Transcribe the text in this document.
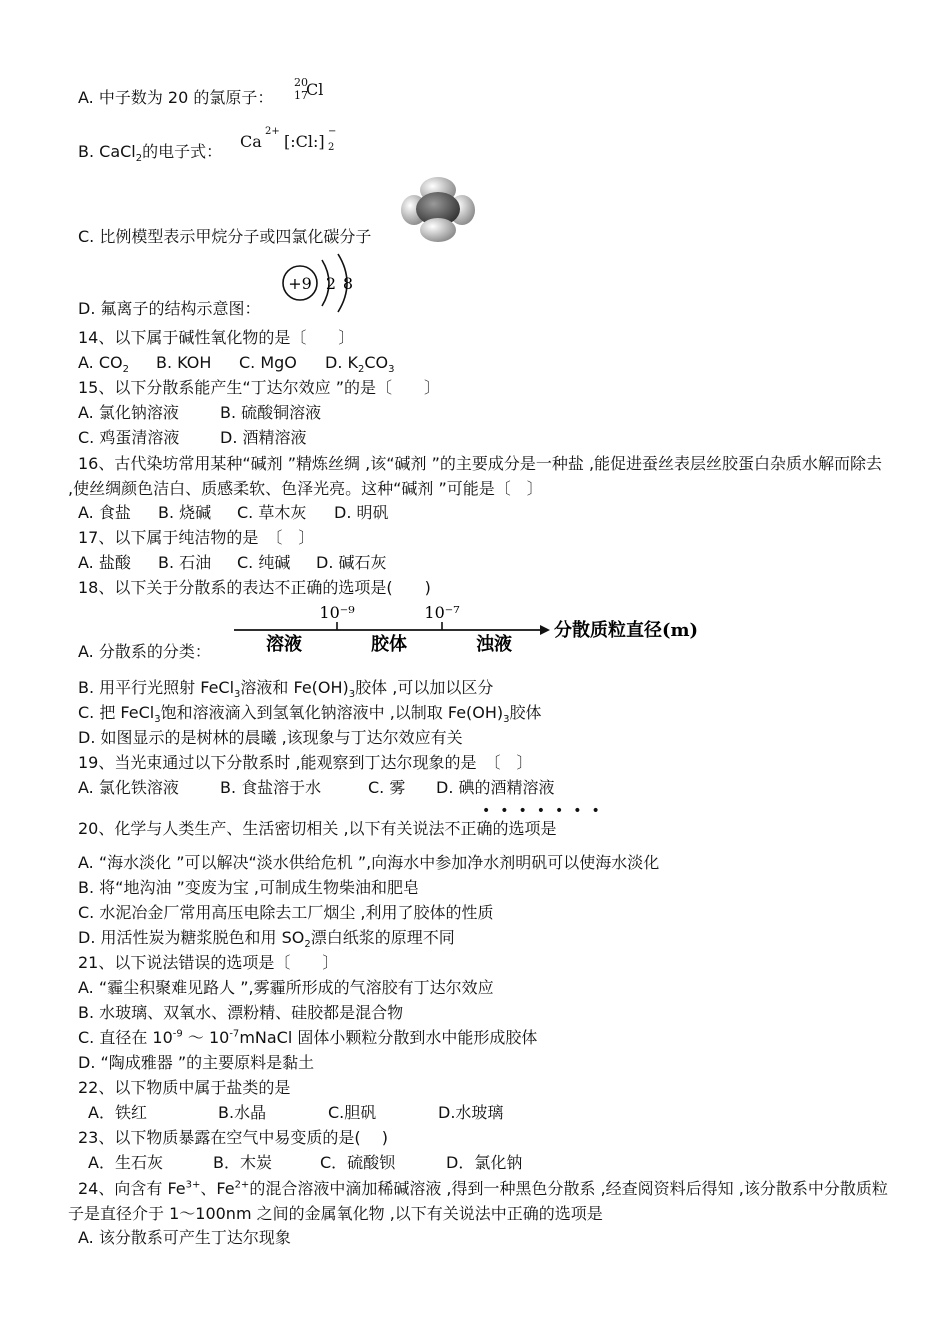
A. 中子数为 20 的氯原子：
20
17
Cl
B. CaCl$_2$的电子式：
Ca
2+
[:Cl:]
−
2
C. 比例模型表示甲烷分子或四氯化碳分子
D. 氟离子的结构示意图：
+9 2 8
14、以下属于碱性氧化物的是〔　　〕
A. $CO_2$ B. KOH C. MgO D. $K_2CO_3$
15、以下分散系能产生“丁达尔效应 ”的是〔　　〕
A. 氯化钠溶液	B. 硫酸铜溶液
C. 鸡蛋清溶液	D. 酒精溶液
16、古代染坊常用某种“碱剂 ”精炼丝绸 ,该“碱剂 ”的主要成分是一种盐 ,能促进蚕丝表层丝胶蛋白杂质水解而除去 ,使丝绸颜色洁白、质感柔软、色泽光亮。这种“碱剂 ”可能是〔　〕
A. 食盐 B. 烧碱 C. 草木灰 D. 明矾
17、以下属于纯洁物的是　〔　〕
A. 盐酸 B. 石油 C. 纯碱 D. 碱石灰
18、以下关于分散系的表达不正确的选项是(　　)
A. 分散系的分类：
10⁻⁹	10⁻⁷
溶液	胶体	浊液
分散质粒直径(m)
B. 用平行光照射 FeCl$_3$溶液和 $Fe(OH)_3$胶体 ,可以加以区分
C. 把 FeCl$_3$饱和溶液滴入到氢氧化钠溶液中 ,以制取 $Fe(OH)_3$胶体
D. 如图显示的是树林的晨曦 ,该现象与丁达尔效应有关
19、当光束通过以下分散系时 ,能观察到丁达尔现象的是　〔　〕
A. 氯化铁溶液	B. 食盐溶于水	C. 雾 D. 碘的酒精溶液
•••••••
20、化学与人类生产、生活密切相关 ,以下有关说法不正确的选项是
A. “海水淡化 ”可以解决“淡水供给危机 ”,向海水中参加净水剂明矾可以使海水淡化
B. 将“地沟油 ”变废为宝 ,可制成生物柴油和肥皂
C. 水泥冶金厂常用高压电除去工厂烟尘 ,利用了胶体的性质
D. 用活性炭为糖浆脱色和用 $SO_2$漂白纸浆的原理不同
21、以下说法错误的选项是〔　　〕
A. “霾尘积聚难见路人 ”,雾霾所形成的气溶胶有丁达尔效应
B. 水玻璃、双氧水、漂粉精、硅胶都是混合物
C. 直径在 $10^{-9}$ ～ $10^{-7}mNaCl$ 固体小颗粒分散到水中能形成胶体
D. “陶成雅器 ”的主要原料是黏土
22、以下物质中属于盐类的是
A．铁红	B.水晶	C.胆矾	D.水玻璃
23、以下物质暴露在空气中易变质的是(　 )
A．生石灰	B．木炭	C．硫酸钡	D．氯化钠
24、向含有 $Fe^{3+}$、$Fe^{2+}$的混合溶液中滴加稀碱溶液 ,得到一种黑色分散系 ,经查阅资料后得知 ,该分散系中分散质粒子是直径介于 1～100nm 之间的金属氧化物 ,以下有关说法中正确的选项是
A. 该分散系可产生丁达尔现象
